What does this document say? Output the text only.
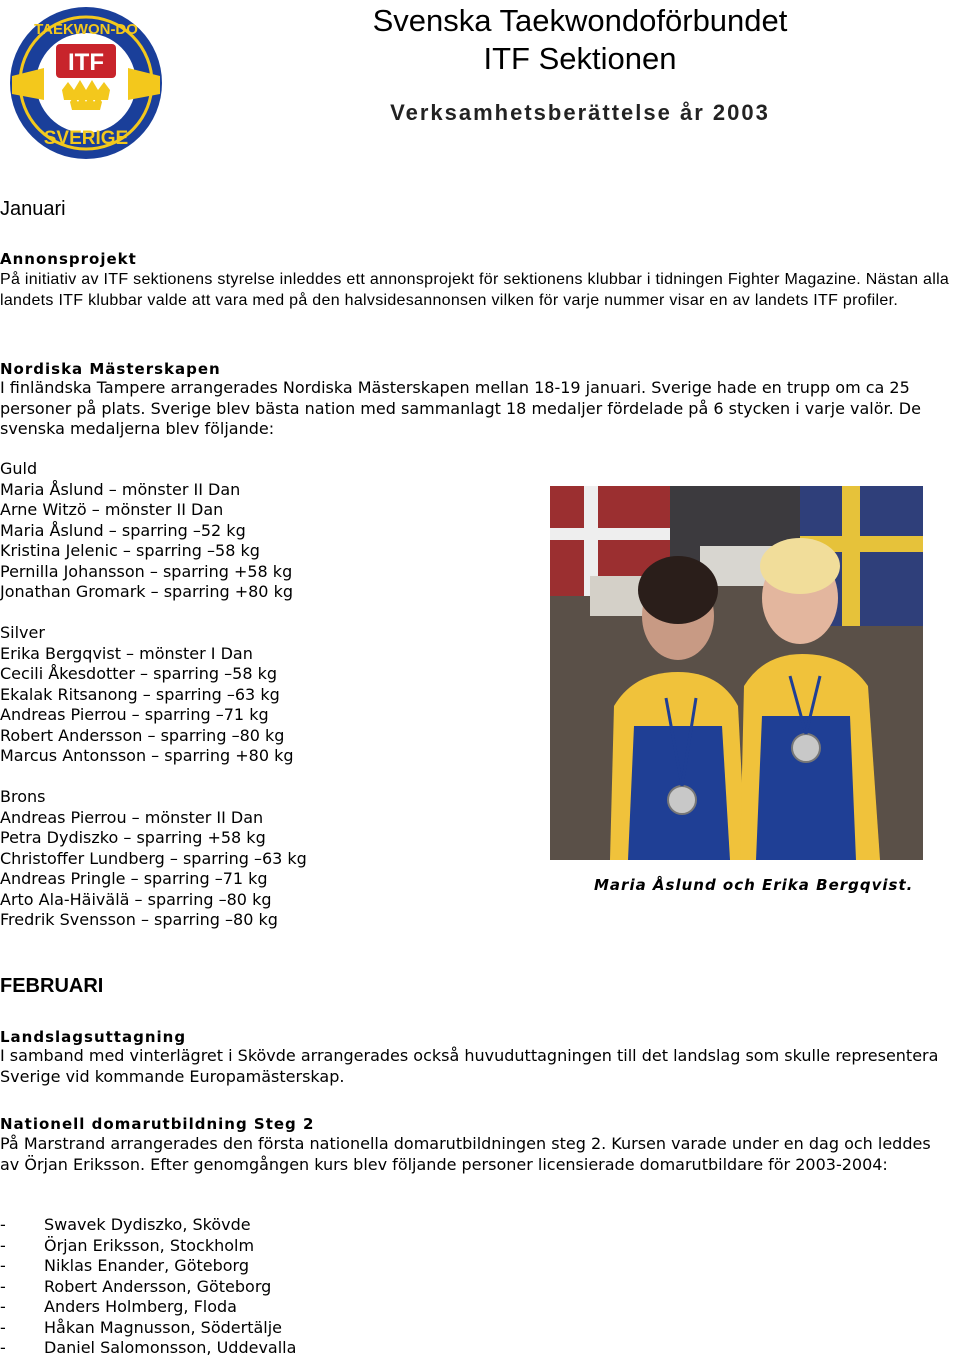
ITF
TAEKWON-DO
SVERIGE
Svenska Taekwondoförbundet
ITF Sektionen
Verksamhetsberättelse år 2003
Januari
Annonsprojekt
På initiativ av ITF sektionens styrelse inleddes ett annonsprojekt för sektionens klubbar i tidningen Fighter Magazine. Nästan alla landets ITF klubbar valde att vara med på den halvsidesannonsen vilken för varje nummer visar en av landets ITF profiler.
Nordiska Mästerskapen
I finländska Tampere arrangerades Nordiska Mästerskapen mellan 18-19 januari. Sverige hade en trupp om ca 25 personer på plats. Sverige blev bästa nation med sammanlagt 18 medaljer fördelade på 6 stycken i varje valör. De svenska medaljerna blev följande:
Guld
Maria Åslund – mönster II Dan
Arne Witzö – mönster II Dan
Maria Åslund – sparring –52 kg
Kristina Jelenic – sparring –58 kg
Pernilla Johansson – sparring +58 kg
Jonathan Gromark – sparring +80 kg
Silver
Erika Bergqvist – mönster I Dan
Cecili Åkesdotter – sparring –58 kg
Ekalak Ritsanong – sparring –63 kg
Andreas Pierrou – sparring –71 kg
Robert Andersson – sparring –80 kg
Marcus Antonsson – sparring +80 kg
Brons
Andreas Pierrou – mönster II Dan
Petra Dydiszko – sparring +58 kg
Christoffer Lundberg – sparring –63 kg
Andreas Pringle – sparring –71 kg
Arto Ala-Häivälä – sparring –80 kg
Fredrik Svensson – sparring –80 kg
Maria Åslund och Erika Bergqvist.
FEBRUARI
Landslagsuttagning
I samband med vinterlägret i Skövde arrangerades också huvuduttagningen till det landslag som skulle representera Sverige vid kommande Europamästerskap.
Nationell domarutbildning Steg 2
På Marstrand arrangerades den första nationella domarutbildningen steg 2. Kursen varade under en dag och leddes av Örjan Eriksson. Efter genomgången kurs blev följande personer licensierade domarutbildare för 2003-2004:
-	Swavek Dydiszko, Skövde
-	Örjan Eriksson, Stockholm
-	Niklas Enander, Göteborg
-	Robert Andersson, Göteborg
-	Anders Holmberg, Floda
-	Håkan Magnusson, Södertälje
-	Daniel Salomonsson, Uddevalla
